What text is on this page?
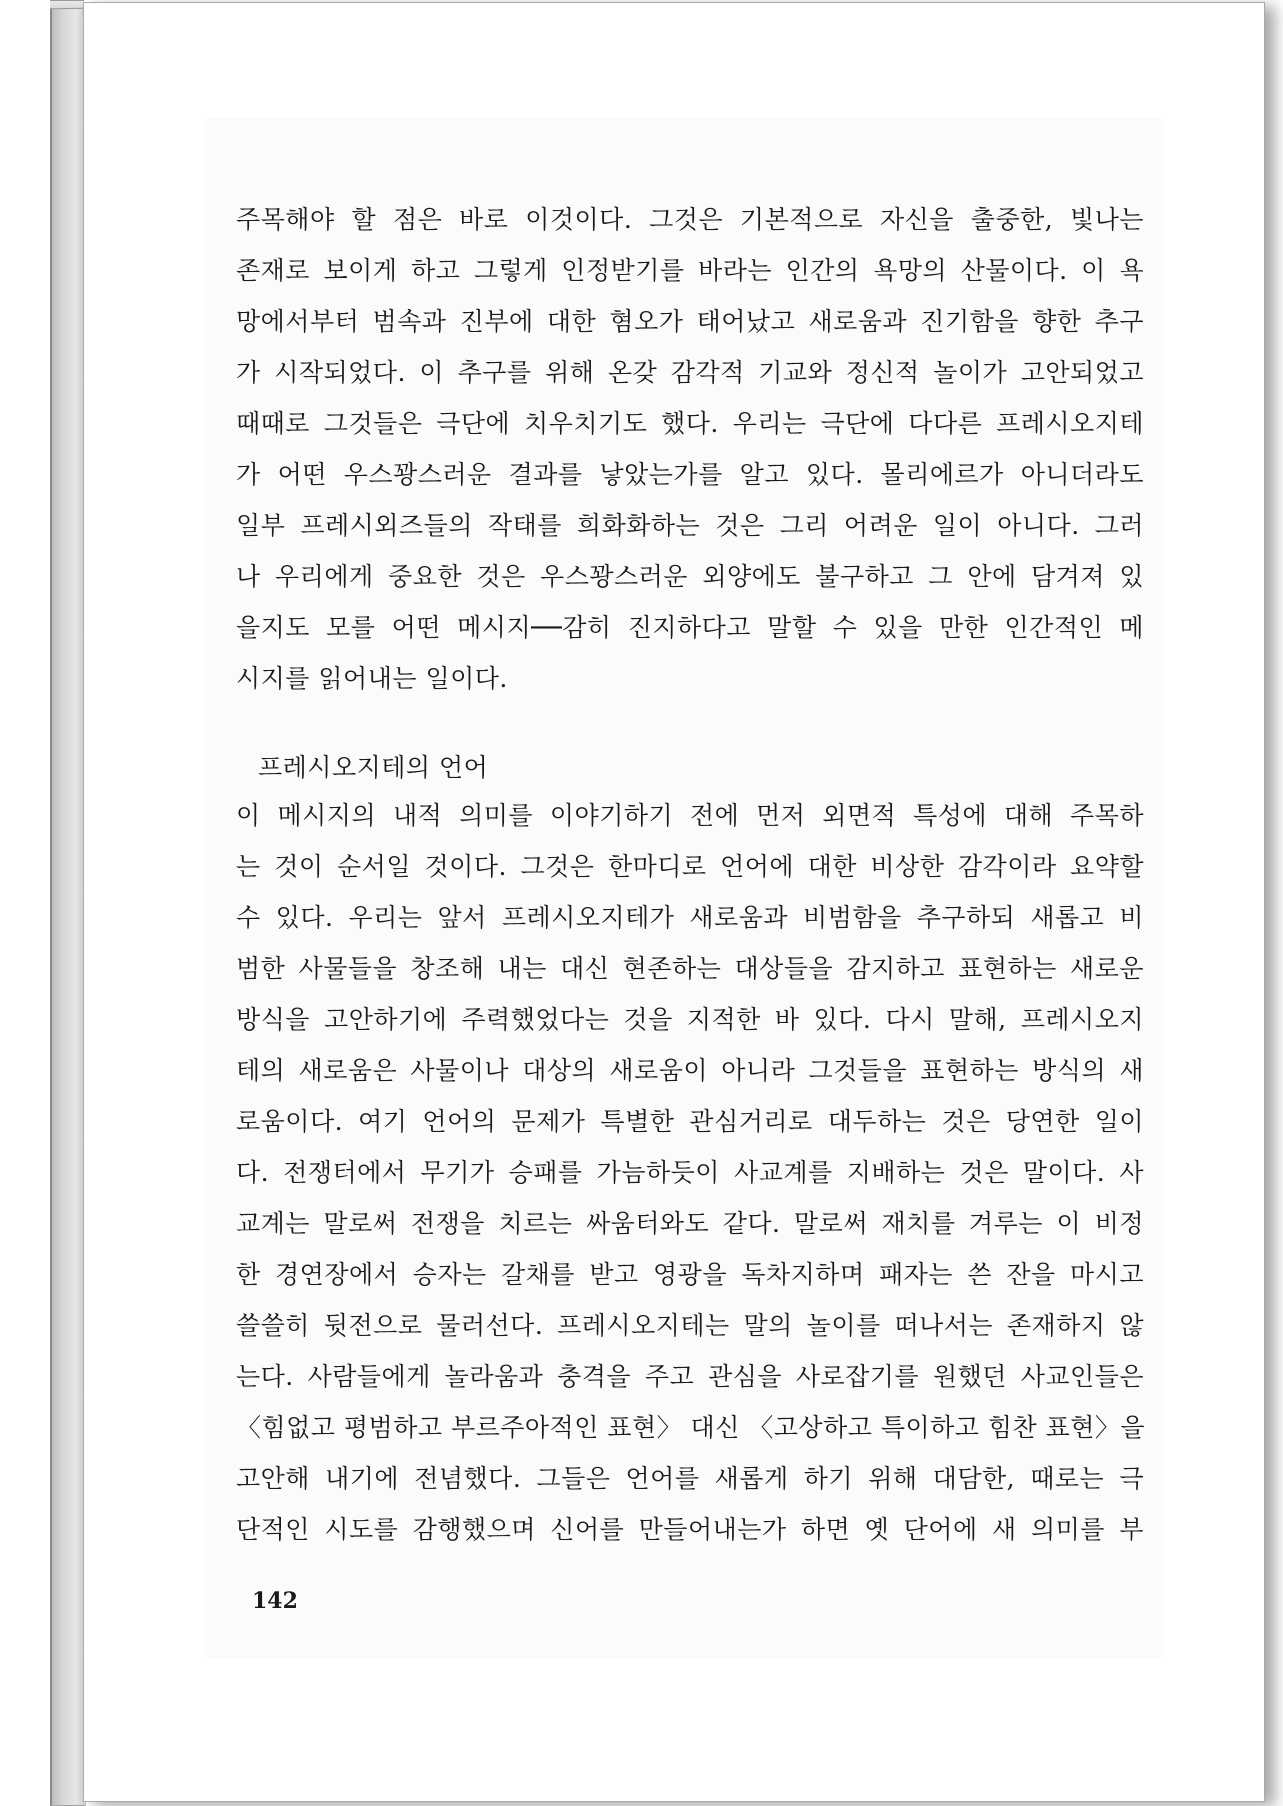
주목해야 할 점은 바로 이것이다. 그것은 기본적으로 자신을 출중한, 빛나는
존재로 보이게 하고 그렇게 인정받기를 바라는 인간의 욕망의 산물이다. 이 욕
망에서부터 범속과 진부에 대한 혐오가 태어났고 새로움과 진기함을 향한 추구
가 시작되었다. 이 추구를 위해 온갖 감각적 기교와 정신적 놀이가 고안되었고
때때로 그것들은 극단에 치우치기도 했다. 우리는 극단에 다다른 프레시오지테
가 어떤 우스꽝스러운 결과를 낳았는가를 알고 있다. 몰리에르가 아니더라도
일부 프레시외즈들의 작태를 희화화하는 것은 그리 어려운 일이 아니다. 그러
나 우리에게 중요한 것은 우스꽝스러운 외양에도 불구하고 그 안에 담겨져 있
을지도 모를 어떤 메시지──감히 진지하다고 말할 수 있을 만한 인간적인 메
시지를 읽어내는 일이다.
프레시오지테의 언어
이 메시지의 내적 의미를 이야기하기 전에 먼저 외면적 특성에 대해 주목하
는 것이 순서일 것이다. 그것은 한마디로 언어에 대한 비상한 감각이라 요약할
수 있다. 우리는 앞서 프레시오지테가 새로움과 비범함을 추구하되 새롭고 비
범한 사물들을 창조해 내는 대신 현존하는 대상들을 감지하고 표현하는 새로운
방식을 고안하기에 주력했었다는 것을 지적한 바 있다. 다시 말해, 프레시오지
테의 새로움은 사물이나 대상의 새로움이 아니라 그것들을 표현하는 방식의 새
로움이다. 여기 언어의 문제가 특별한 관심거리로 대두하는 것은 당연한 일이
다. 전쟁터에서 무기가 승패를 가늠하듯이 사교계를 지배하는 것은 말이다. 사
교계는 말로써 전쟁을 치르는 싸움터와도 같다. 말로써 재치를 겨루는 이 비정
한 경연장에서 승자는 갈채를 받고 영광을 독차지하며 패자는 쓴 잔을 마시고
쓸쓸히 뒷전으로 물러선다. 프레시오지테는 말의 놀이를 떠나서는 존재하지 않
는다. 사람들에게 놀라움과 충격을 주고 관심을 사로잡기를 원했던 사교인들은
〈힘없고 평범하고 부르주아적인 표현〉 대신 〈고상하고 특이하고 힘찬 표현〉을
고안해 내기에 전념했다. 그들은 언어를 새롭게 하기 위해 대담한, 때로는 극
단적인 시도를 감행했으며 신어를 만들어내는가 하면 옛 단어에 새 의미를 부
142
